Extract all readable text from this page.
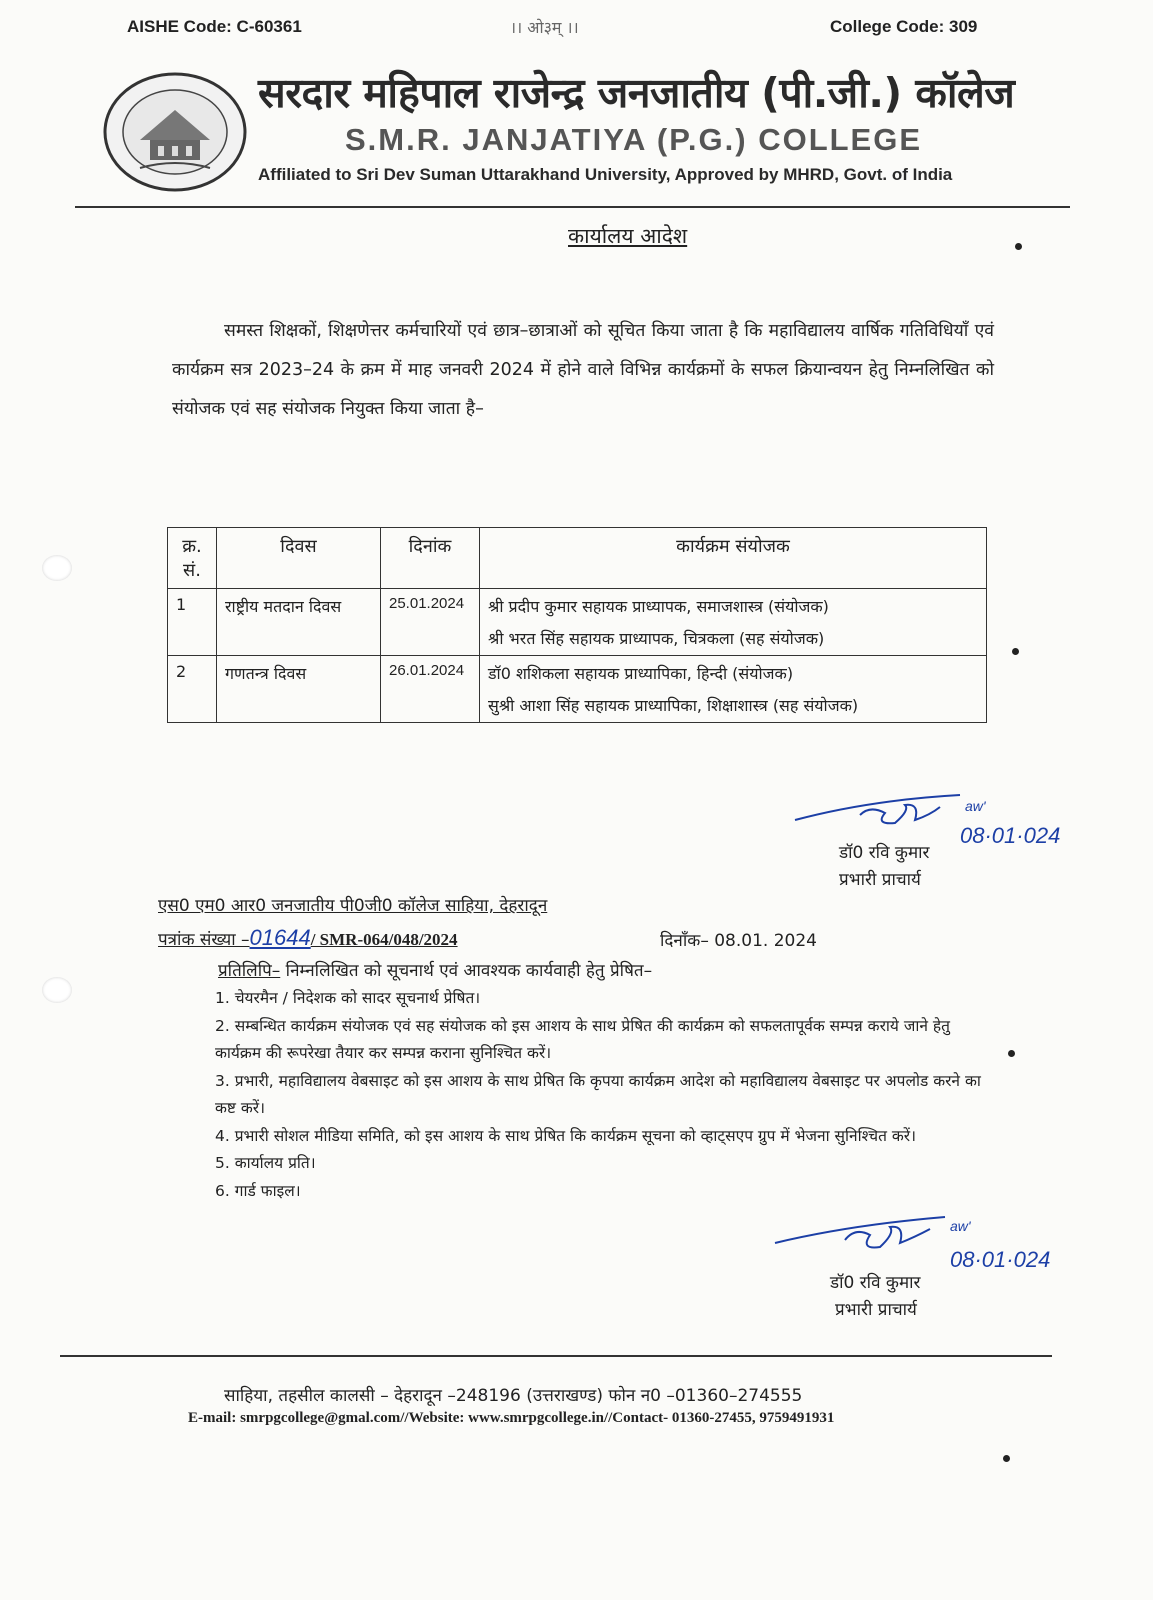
AISHE Code: C-60361	।। ओ३म् ।।	College Code: 309
सरदार महिपाल राजेन्द्र जनजातीय (पी.जी.) कॉलेज
S.M.R. JANJATIYA (P.G.) COLLEGE
Affiliated to Sri Dev Suman Uttarakhand University, Approved by MHRD, Govt. of India
कार्यालय आदेश
समस्त शिक्षकों, शिक्षणेत्तर कर्मचारियों एवं छात्र–छात्राओं को सूचित किया जाता है कि महाविद्यालय वार्षिक गतिविधियाँ एवं कार्यक्रम सत्र 2023–24 के क्रम में माह जनवरी 2024 में होने वाले विभिन्न कार्यक्रमों के सफल क्रियान्वयन हेतु निम्नलिखित को संयोजक एवं सह संयोजक नियुक्त किया जाता है–
क्र. सं.	दिवस	दिनांक	कार्यक्रम संयोजक
1	राष्ट्रीय मतदान दिवस	25.01.2024	श्री प्रदीप कुमार सहायक प्राध्यापक, समाजशास्त्र (संयोजक)
श्री भरत सिंह सहायक प्राध्यापक, चित्रकला (सह संयोजक)

2	गणतन्त्र दिवस	26.01.2024	डॉ0 शशिकला सहायक प्राध्यापिका, हिन्दी (संयोजक)
सुश्री आशा सिंह सहायक प्राध्यापिका, शिक्षाशास्त्र (सह संयोजक)
aw'
08·01·024
डॉ0 रवि कुमार
प्रभारी प्राचार्य
एस0 एम0 आर0 जनजातीय पी0जी0 कॉलेज साहिया, देहरादून
पत्रांक संख्या –01644/ SMR-064/048/2024	दिनाँक– 08.01. 2024
प्रतिलिपि– निम्नलिखित को सूचनार्थ एवं आवश्यक कार्यवाही हेतु प्रेषित–
1. चेयरमैन / निदेशक को सादर सूचनार्थ प्रेषित।
2. सम्बन्धित कार्यक्रम संयोजक एवं सह संयोजक को इस आशय के साथ प्रेषित की कार्यक्रम को सफलतापूर्वक सम्पन्न कराये जाने हेतु कार्यक्रम की रूपरेखा तैयार कर सम्पन्न कराना सुनिश्चित करें।
3. प्रभारी, महाविद्यालय वेबसाइट को इस आशय के साथ प्रेषित कि कृपया कार्यक्रम आदेश को महाविद्यालय वेबसाइट पर अपलोड करने का कष्ट करें।
4. प्रभारी सोशल मीडिया समिति, को इस आशय के साथ प्रेषित कि कार्यक्रम सूचना को व्हाट्सएप ग्रुप में भेजना सुनिश्चित करें।
5. कार्यालय प्रति।
6. गार्ड फाइल।
aw'
08·01·024
डॉ0 रवि कुमार
प्रभारी प्राचार्य
साहिया, तहसील कालसी – देहरादून –248196 (उत्तराखण्ड) फोन न0 –01360–274555
E-mail: smrpgcollege@gmal.com//Website: www.smrpgcollege.in//Contact- 01360-27455, 9759491931
